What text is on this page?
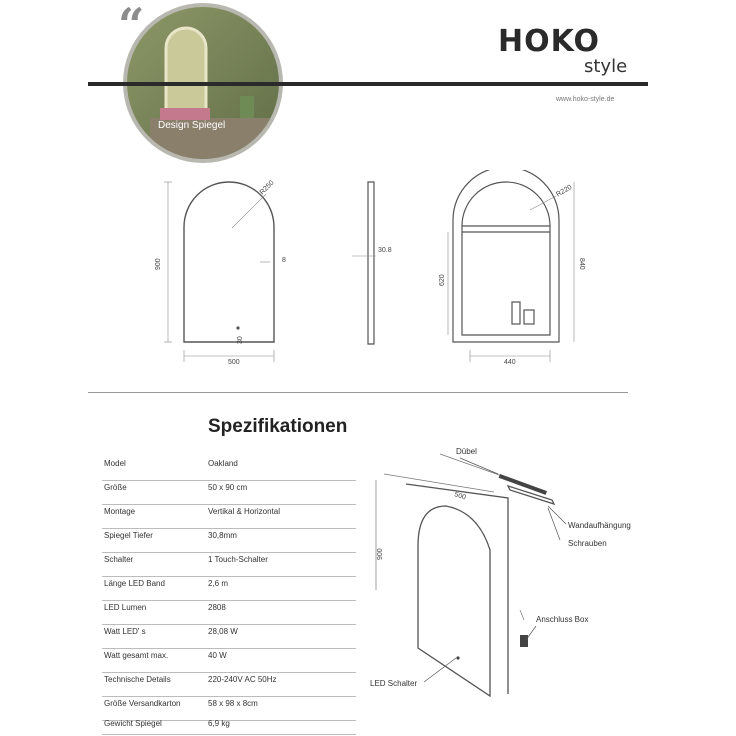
Design Spiegel
“	HOKO
style
www.hoko-style.de
500
900
R250
8
30
30.8
620
840
440
R220
Spezifikationen
Model	Oakland
Größe	50 x 90 cm
Montage	Vertikal & Horizontal
Spiegel Tiefer	30,8mm
Schalter	1 Touch-Schalter
Länge LED Band	2,6 m
LED Lumen	2808
Watt LED' s	28,08 W
Watt gesamt max.	40 W
Technische Details	220-240V AC 50Hz
Größe Versandkarton	58 x 98 x 8cm
Gewicht Spiegel	6,9 kg
Dübel
Wandaufhängung
Schrauben
Anschluss Box
LED Schalter
500
900
